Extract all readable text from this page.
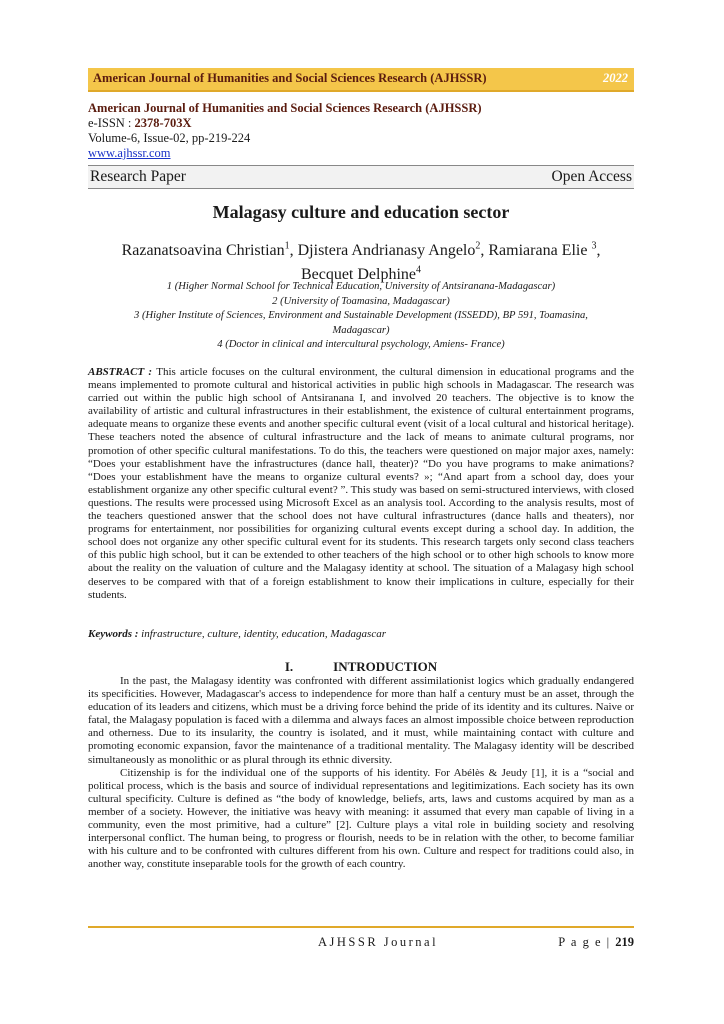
American Journal of Humanities and Social Sciences Research (AJHSSR)	2022
American Journal of Humanities and Social Sciences Research (AJHSSR)
e-ISSN : 2378-703X
Volume-6, Issue-02, pp-219-224
www.ajhssr.com
Research Paper	Open Access
Malagasy culture and education sector
Razanatsoavina Christian$^1$, Djistera Andrianasy Angelo$^2$, Ramiarana Elie $^3$, Becquet Delphine$^4$
1 (Higher Normal School for Technical Education, University of Antsiranana-Madagascar)
2 (University of Toamasina, Madagascar)
3 (Higher Institute of Sciences, Environment and Sustainable Development (ISSEDD), BP 591, Toamasina, Madagascar)
4 (Doctor in clinical and intercultural psychology, Amiens- France)
ABSTRACT : This article focuses on the cultural environment, the cultural dimension in educational programs and the means implemented to promote cultural and historical activities in public high schools in Madagascar. The research was carried out within the public high school of Antsiranana I, and involved 20 teachers. The objective is to know the availability of artistic and cultural infrastructures in their establishment, the existence of cultural entertainment programs, adequate means to organize these events and another specific cultural event (visit of a local cultural and historical heritage). These teachers noted the absence of cultural infrastructure and the lack of means to animate cultural programs, nor promotion of other specific cultural manifestations. To do this, the teachers were questioned on major major axes, namely: “Does your establishment have the infrastructures (dance hall, theater)? “Do you have programs to make animations? “Does your establishment have the means to organize cultural events? »; “And apart from a school day, does your establishment organize any other specific cultural event? ”. This study was based on semi-structured interviews, with closed questions. The results were processed using Microsoft Excel as an analysis tool. According to the analysis results, most of the teachers questioned answer that the school does not have cultural infrastructures (dance halls and theaters), nor programs for entertainment, nor possibilities for organizing cultural events except during a school day. In addition, the school does not organize any other specific cultural event for its students. This research targets only second class teachers of this public high school, but it can be extended to other teachers of the high school or to other high schools to know more about the reality on the valuation of culture and the Malagasy identity at school. The situation of a Malagasy high school deserves to be compared with that of a foreign establishment to know their implications in culture, especially for their students.
Keywords : infrastructure, culture, identity, education, Madagascar
I.	INTRODUCTION

In the past, the Malagasy identity was confronted with different assimilationist logics which gradually endangered its specificities. However, Madagascar's access to independence for more than half a century must be an asset, through the education of its leaders and citizens, which must be a driving force behind the pride of its identity and its cultures. Naive or fatal, the Malagasy population is faced with a dilemma and always faces an almost impossible choice between reproduction and otherness. Due to its insularity, the country is isolated, and it must, while maintaining contact with culture and promoting economic expansion, favor the maintenance of a traditional mentality. The Malagasy identity will be described simultaneously as monolithic or as plural through its ethnic diversity.

Citizenship is for the individual one of the supports of his identity. For Abélès & Jeudy [1], it is a “social and political process, which is the basis and source of individual representations and legitimizations. Each society has its own cultural specificity. Culture is defined as “the body of knowledge, beliefs, arts, laws and customs acquired by man as a member of a society. However, the initiative was heavy with meaning: it assumed that every man capable of living in a community, even the most primitive, had a culture” [2]. Culture plays a vital role in building society and resolving interpersonal conflict. The human being, to progress or flourish, needs to be in relation with the other, to become familiar with his culture and to be confronted with cultures different from his own. Culture and respect for traditions could also, in another way, constitute inseparable tools for the growth of each country.

AJHSSR Journal	P a g e | 219
